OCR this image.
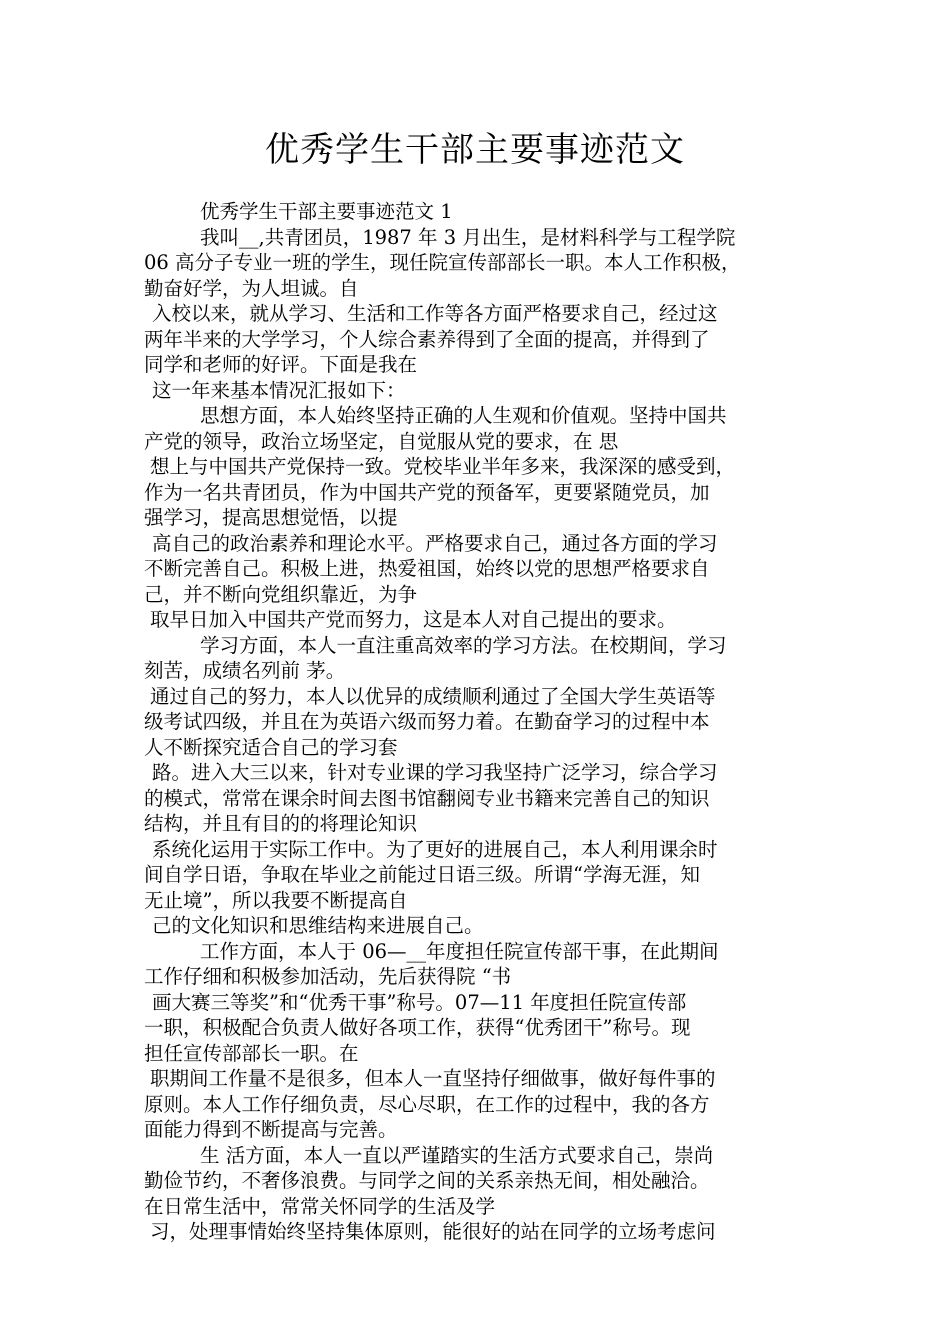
优秀学生干部主要事迹范文
优秀学生干部主要事迹范文 1
我叫__,共青团员，1987 年 3 月出生，是材料科学与工程学院
06 高分子专业一班的学生，现任院宣传部部长一职。本人工作积极，
勤奋好学，为人坦诚。自
入校以来，就从学习、生活和工作等各方面严格要求自己，经过这
两年半来的大学学习，个人综合素养得到了全面的提高，并得到了
同学和老师的好评。下面是我在
这一年来基本情况汇报如下：
思想方面，本人始终坚持正确的人生观和价值观。坚持中国共
产党的领导，政治立场坚定，自觉服从党的要求，在 思
想上与中国共产党保持一致。党校毕业半年多来，我深深的感受到，
作为一名共青团员，作为中国共产党的预备军，更要紧随党员，加
强学习，提高思想觉悟，以提
高自己的政治素养和理论水平。严格要求自己，通过各方面的学习
不断完善自己。积极上进，热爱祖国，始终以党的思想严格要求自
己，并不断向党组织靠近，为争
取早日加入中国共产党而努力，这是本人对自己提出的要求。
学习方面，本人一直注重高效率的学习方法。在校期间，学习
刻苦，成绩名列前 茅。
通过自己的努力，本人以优异的成绩顺利通过了全国大学生英语等
级考试四级，并且在为英语六级而努力着。在勤奋学习的过程中本
人不断探究适合自己的学习套
路。进入大三以来，针对专业课的学习我坚持广泛学习，综合学习
的模式，常常在课余时间去图书馆翻阅专业书籍来完善自己的知识
结构，并且有目的的将理论知识
系统化运用于实际工作中。为了更好的进展自己，本人利用课余时
间自学日语，争取在毕业之前能过日语三级。所谓“学海无涯，知
无止境”，所以我要不断提高自
己的文化知识和思维结构来进展自己。
工作方面，本人于 06—__年度担任院宣传部干事，在此期间
工作仔细和积极参加活动，先后获得院 “书
画大赛三等奖”和“优秀干事”称号。07—11 年度担任院宣传部
一职，积极配合负责人做好各项工作，获得“优秀团干”称号。现
担任宣传部部长一职。在
职期间工作量不是很多，但本人一直坚持仔细做事，做好每件事的
原则。本人工作仔细负责，尽心尽职，在工作的过程中，我的各方
面能力得到不断提高与完善。
生 活方面，本人一直以严谨踏实的生活方式要求自己，崇尚
勤俭节约，不奢侈浪费。与同学之间的关系亲热无间，相处融洽。
在日常生活中，常常关怀同学的生活及学
习，处理事情始终坚持集体原则，能很好的站在同学的立场考虑问
